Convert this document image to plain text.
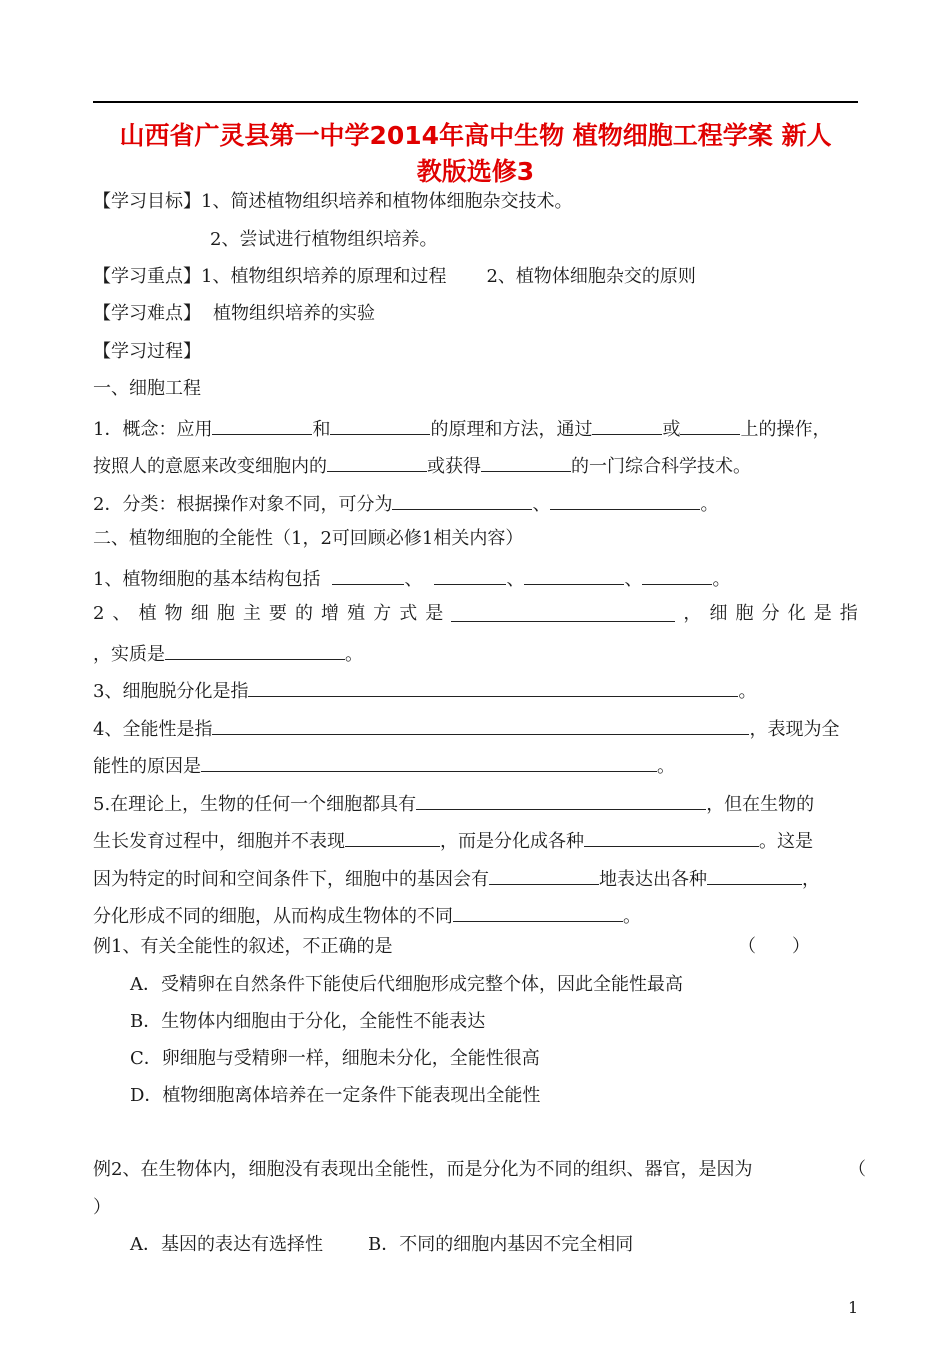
山西省广灵县第一中学2014年高中生物 植物细胞工程学案 新人
教版选修3
【学习目标】1、简述植物组织培养和植物体细胞杂交技术。
2、尝试进行植物组织培养。
【学习重点】1、植物组织培养的原理和过程 2、植物体细胞杂交的原则
【学习难点】 植物组织培养的实验
【学习过程】
一、细胞工程
1．概念：应用	和	的原理和方法，通过	或	上的操作，
按照人的意愿来改变细胞内的	或获得	的一门综合科学技术。
2．分类：根据操作对象不同，可分为	、	。
二、植物细胞的全能性（1，2可回顾必修1相关内容）
1、植物细胞的基本结构包括	、	、	、	。
2 、 植 物 细 胞 主 要 的 增 殖 方 式 是	， 细 胞 分 化 是 指
，实质是	。
3、细胞脱分化是指	。
4、全能性是指	，表现为全
能性的原因是	。
5.在理论上，生物的任何一个细胞都具有	，但在生物的
生长发育过程中，细胞并不表现	，而是分化成各种	。这是
因为特定的时间和空间条件下，细胞中的基因会有	地表达出各种	，
分化形成不同的细胞，从而构成生物体的不同	。
例1、有关全能性的叙述，不正确的是	（　　）
A．受精卵在自然条件下能使后代细胞形成完整个体，因此全能性最高
B．生物体内细胞由于分化，全能性不能表达
C．卵细胞与受精卵一样，细胞未分化，全能性很高
D．植物细胞离体培养在一定条件下能表现出全能性
例2、在生物体内，细胞没有表现出全能性，而是分化为不同的组织、器官，是因为	（
）
A．基因的表达有选择性	B．不同的细胞内基因不完全相同
1
